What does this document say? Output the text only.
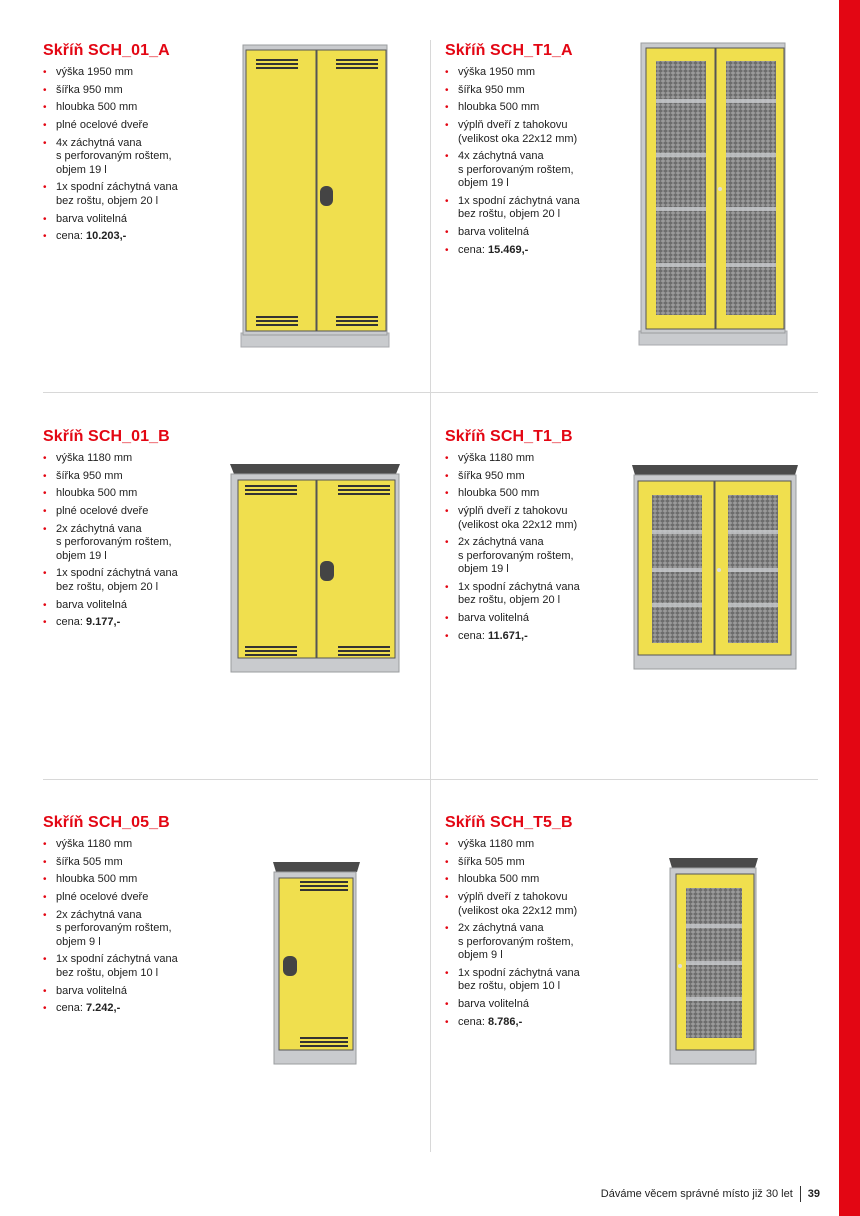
Skříň SCH_01_A
• výška 1950 mm
• šířka 950 mm
• hloubka 500 mm
• plné ocelové dveře
• 4x záchytná vana
s perforovaným roštem,
objem 19 l
• 1x spodní záchytná vana
bez roštu, objem 20 l
• barva volitelná
• cena: 10.203,-
Skříň SCH_T1_A
• výška 1950 mm
• šířka 950 mm
• hloubka 500 mm
• výplň dveří z tahokovu
(velikost oka 22x12 mm)
• 4x záchytná vana
s perforovaným roštem,
objem 19 l
• 1x spodní záchytná vana
bez roštu, objem 20 l
• barva volitelná
• cena: 15.469,-
Skříň SCH_01_B
• výška 1180 mm
• šířka 950 mm
• hloubka 500 mm
• plné ocelové dveře
• 2x záchytná vana
s perforovaným roštem,
objem 19 l
• 1x spodní záchytná vana
bez roštu, objem 20 l
• barva volitelná
• cena: 9.177,-
Skříň SCH_T1_B
• výška 1180 mm
• šířka 950 mm
• hloubka 500 mm
• výplň dveří z tahokovu
(velikost oka 22x12 mm)
• 2x záchytná vana
s perforovaným roštem,
objem 19 l
• 1x spodní záchytná vana
bez roštu, objem 20 l
• barva volitelná
• cena: 11.671,-
Skříň SCH_05_B
• výška 1180 mm
• šířka 505 mm
• hloubka 500 mm
• plné ocelové dveře
• 2x záchytná vana
s perforovaným roštem,
objem 9 l
• 1x spodní záchytná vana
bez roštu, objem 10 l
• barva volitelná
• cena: 7.242,-
Skříň SCH_T5_B
• výška 1180 mm
• šířka 505 mm
• hloubka 500 mm
• výplň dveří z tahokovu
(velikost oka 22x12 mm)
• 2x záchytná vana
s perforovaným roštem,
objem 9 l
• 1x spodní záchytná vana
bez roštu, objem 10 l
• barva volitelná
• cena: 8.786,-
Dáváme věcem správné místo již 30 let 39
